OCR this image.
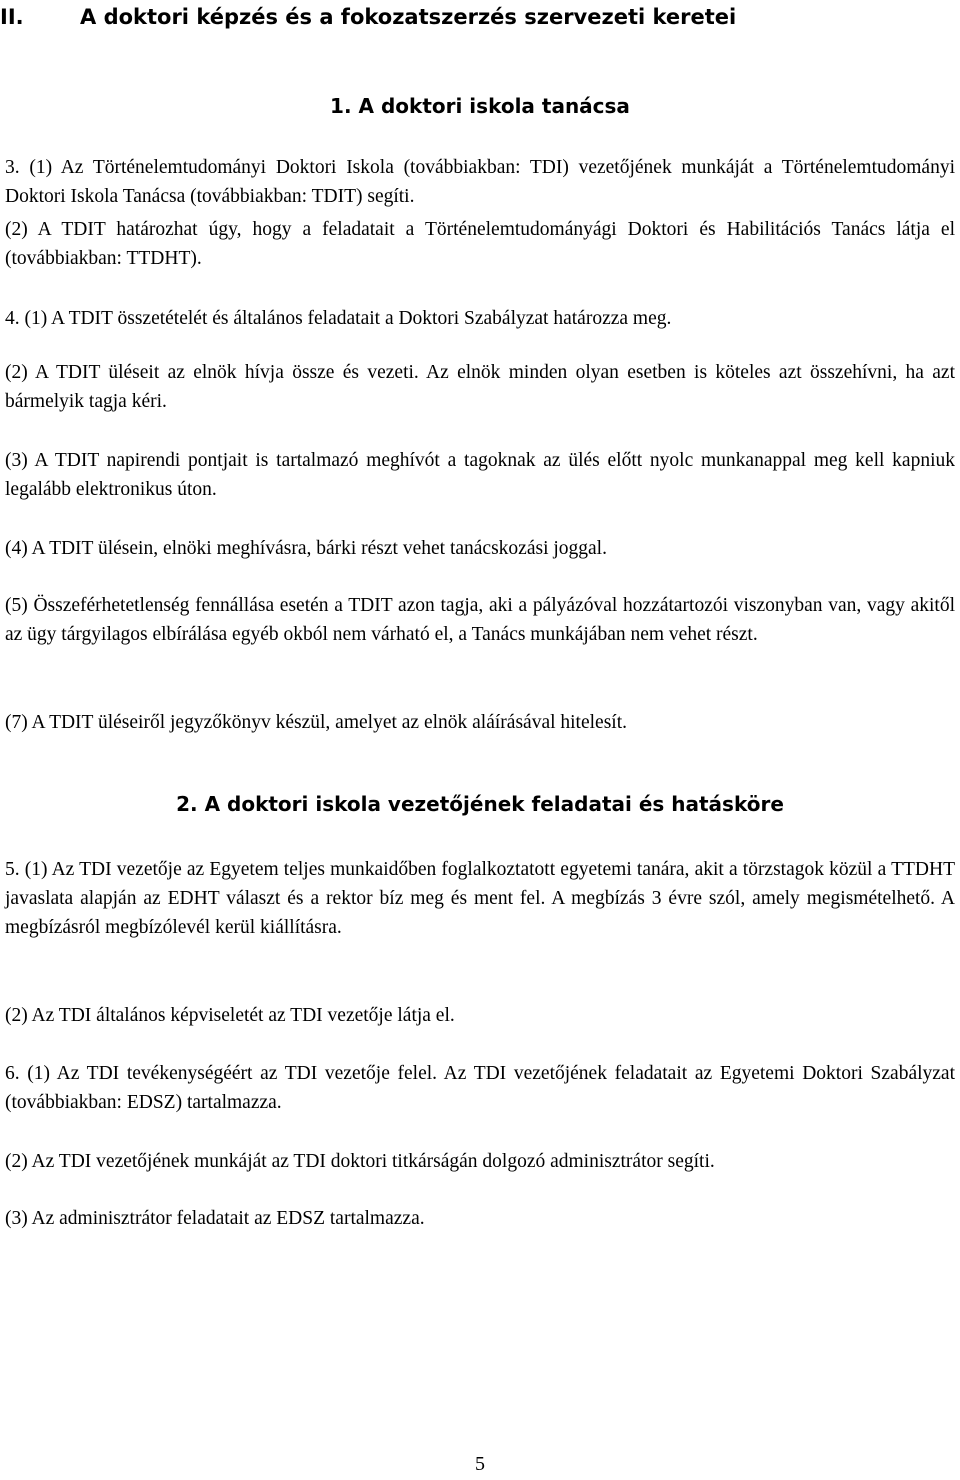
II.	A doktori képzés és a fokozatszerzés szervezeti keretei
1. A doktori iskola tanácsa

3. (1) Az Történelemtudományi Doktori Iskola (továbbiakban: TDI) vezetőjének munkáját a Történelemtudományi Doktori Iskola Tanácsa (továbbiakban: TDIT) segíti.

(2) A TDIT határozhat úgy, hogy a feladatait a Történelemtudományági Doktori és Habilitációs Tanács látja el (továbbiakban: TTDHT).

4. (1) A TDIT összetételét és általános feladatait a Doktori Szabályzat határozza meg.

(2) A TDIT üléseit az elnök hívja össze és vezeti. Az elnök minden olyan esetben is köteles azt összehívni, ha azt bármelyik tagja kéri.

(3) A TDIT napirendi pontjait is tartalmazó meghívót a tagoknak az ülés előtt nyolc munkanappal meg kell kapniuk legalább elektronikus úton.

(4) A TDIT ülésein, elnöki meghívásra, bárki részt vehet tanácskozási joggal.

(5) Összeférhetetlenség fennállása esetén a TDIT azon tagja, aki a pályázóval hozzátartozói viszonyban van, vagy akitől az ügy tárgyilagos elbírálása egyéb okból nem várható el, a Tanács munkájában nem vehet részt.

(7) A TDIT üléseiről jegyzőkönyv készül, amelyet az elnök aláírásával hitelesít.

2. A doktori iskola vezetőjének feladatai és hatásköre

5. (1) Az TDI vezetője az Egyetem teljes munkaidőben foglalkoztatott egyetemi tanára, akit a törzstagok közül a TTDHT javaslata alapján az EDHT választ és a rektor bíz meg és ment fel. A megbízás 3 évre szól, amely megismételhető. A megbízásról megbízólevél kerül kiállításra.

(2) Az TDI általános képviseletét az TDI vezetője látja el.

6. (1) Az TDI tevékenységéért az TDI vezetője felel. Az TDI vezetőjének feladatait az Egyetemi Doktori Szabályzat (továbbiakban: EDSZ) tartalmazza.

(2) Az TDI vezetőjének munkáját az TDI doktori titkárságán dolgozó adminisztrátor segíti.

(3) Az adminisztrátor feladatait az EDSZ tartalmazza.

5
